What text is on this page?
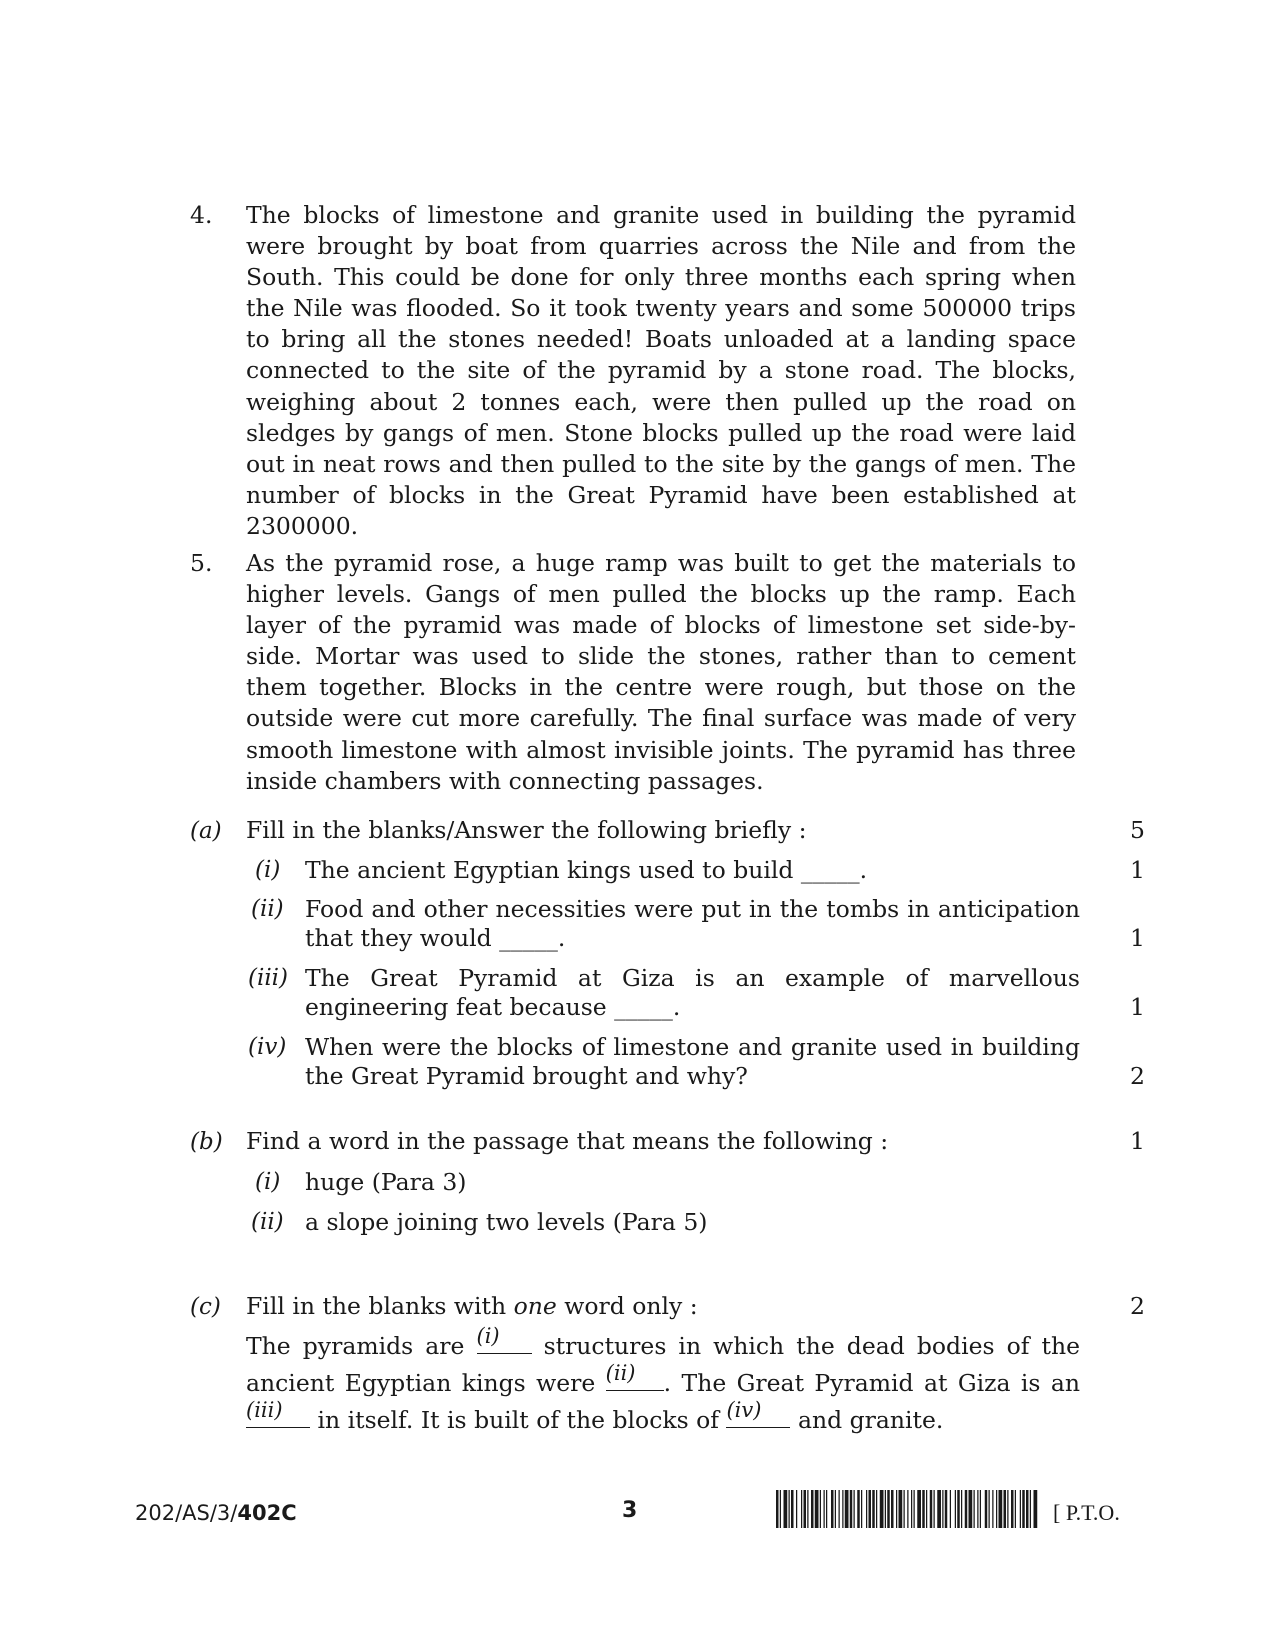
4. The blocks of limestone and granite used in building the pyramid were brought by boat from quarries across the Nile and from the South. This could be done for only three months each spring when the Nile was flooded. So it took twenty years and some 500000 trips to bring all the stones needed! Boats unloaded at a landing space connected to the site of the pyramid by a stone road. The blocks, weighing about 2 tonnes each, were then pulled up the road on sledges by gangs of men. Stone blocks pulled up the road were laid out in neat rows and then pulled to the site by the gangs of men. The number of blocks in the Great Pyramid have been established at 2300000.
5. As the pyramid rose, a huge ramp was built to get the materials to higher levels. Gangs of men pulled the blocks up the ramp. Each layer of the pyramid was made of blocks of limestone set side-by-side. Mortar was used to slide the stones, rather than to cement them together. Blocks in the centre were rough, but those on the outside were cut more carefully. The final surface was made of very smooth limestone with almost invisible joints. The pyramid has three inside chambers with connecting passages.
(a) Fill in the blanks/Answer the following briefly :	5
(i) The ancient Egyptian kings used to build _____.	1
(ii) Food and other necessities were put in the tombs in anticipation that they would _____.	1
(iii) The Great Pyramid at Giza is an example of marvellous engineering feat because _____.	1
(iv) When were the blocks of limestone and granite used in building the Great Pyramid brought and why?	2
(b) Find a word in the passage that means the following :	1
(i) huge (Para 3)
(ii) a slope joining two levels (Para 5)
(c) Fill in the blanks with one word only :	2
The pyramids are (i)	structures in which the dead bodies of the ancient Egyptian kings were (ii)	. The Great Pyramid at Giza is an
(iii)	in itself. It is built of the blocks of (iv)	and granite.
202/AS/3/402C	3	[ P.T.O.
